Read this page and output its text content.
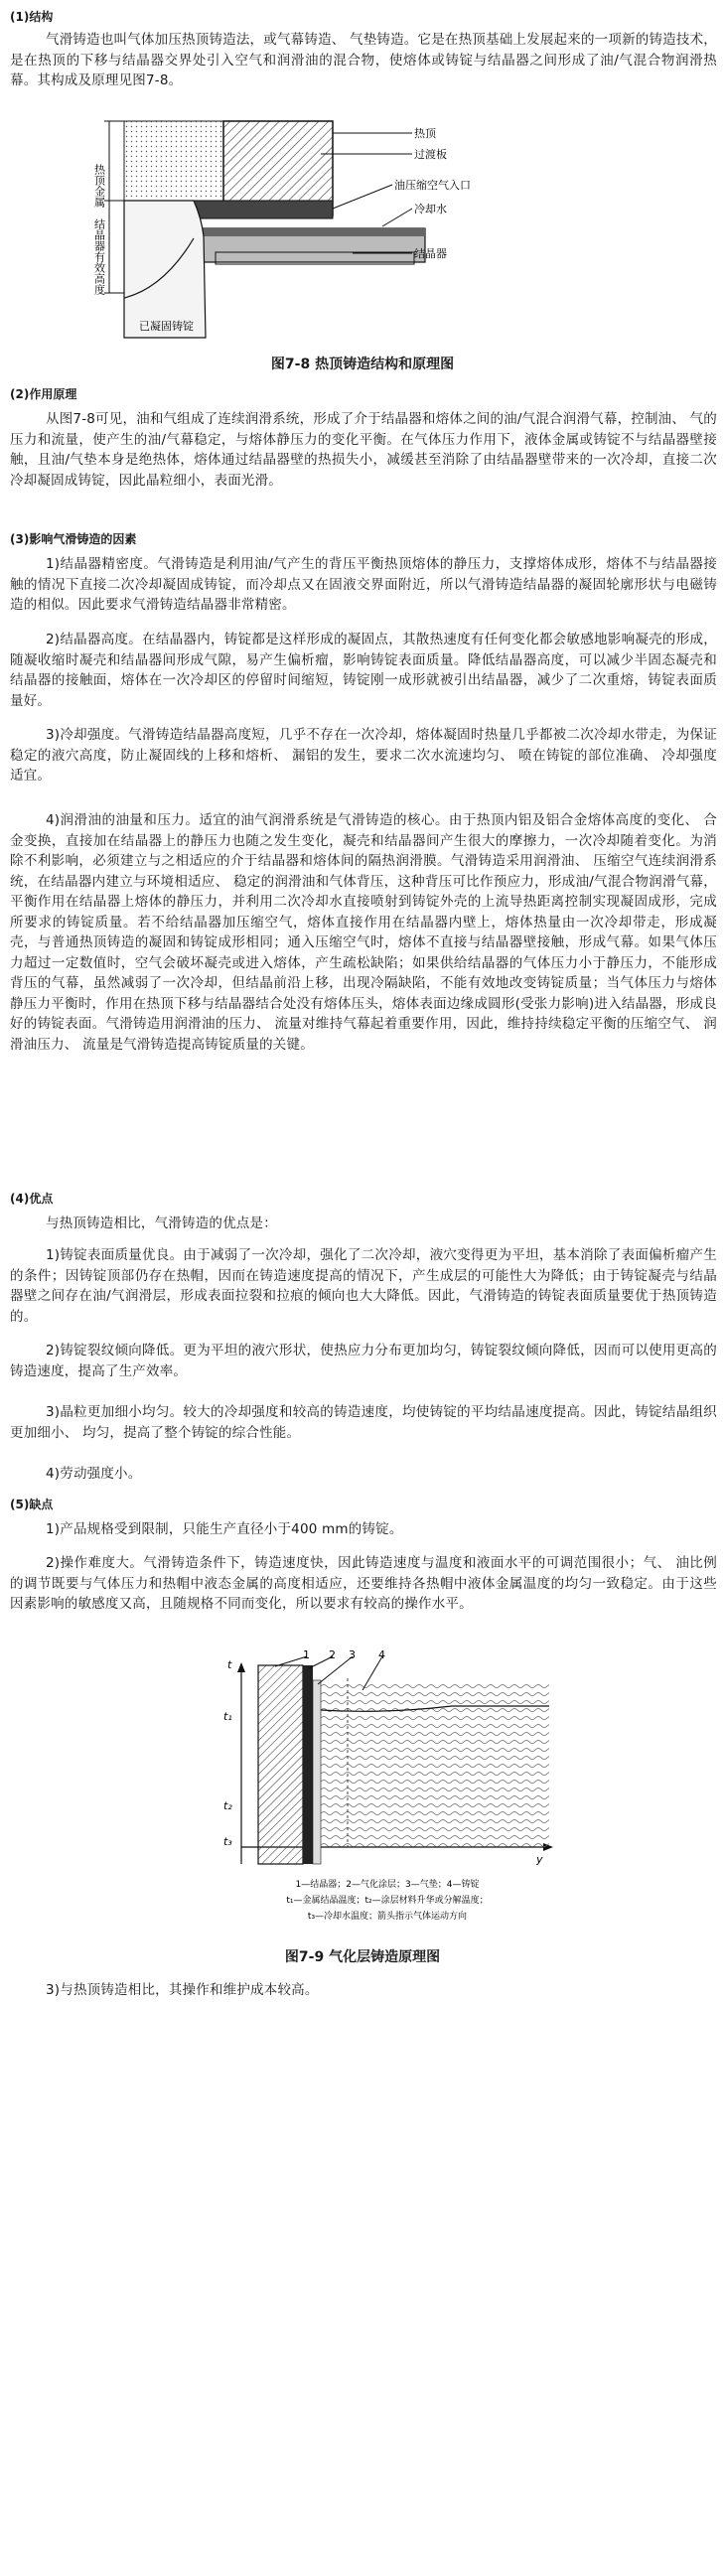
(1)结构

气滑铸造也叫气体加压热顶铸造法，或气幕铸造、 气垫铸造。它是在热顶基础上发展起来的一项新的铸造技术，是在热顶的下移与结晶器交界处引入空气和润滑油的混合物，使熔体或铸锭与结晶器之间形成了油/气混合物润滑热幕。其构成及原理见图7-8。

热顶金属
结晶器有效高度
热顶
过渡板
油压缩空气入口
冷却水
结晶器
已凝固铸锭

图7-8 热顶铸造结构和原理图

(2)作用原理

从图7-8可见，油和气组成了连续润滑系统，形成了介于结晶器和熔体之间的油/气混合润滑气幕，控制油、 气的压力和流量，使产生的油/气幕稳定，与熔体静压力的变化平衡。在气体压力作用下，液体金属或铸锭不与结晶器壁接触，且油/气垫本身是绝热体，熔体通过结晶器壁的热损失小，减缓甚至消除了由结晶器壁带来的一次冷却，直接二次冷却凝固成铸锭，因此晶粒细小，表面光滑。

(3)影响气滑铸造的因素

1)结晶器精密度。气滑铸造是利用油/气产生的背压平衡热顶熔体的静压力，支撑熔体成形，熔体不与结晶器接触的情况下直接二次冷却凝固成铸锭，而冷却点又在固液交界面附近，所以气滑铸造结晶器的凝固轮廓形状与电磁铸造的相似。因此要求气滑铸造结晶器非常精密。

2)结晶器高度。在结晶器内，铸锭都是这样形成的凝固点，其散热速度有任何变化都会敏感地影响凝壳的形成，随凝收缩时凝壳和结晶器间形成气隙，易产生偏析瘤，影响铸锭表面质量。降低结晶器高度，可以减少半固态凝壳和结晶器的接触面，熔体在一次冷却区的停留时间缩短，铸锭刚一成形就被引出结晶器，减少了二次重熔，铸锭表面质量好。

3)冷却强度。气滑铸造结晶器高度短，几乎不存在一次冷却，熔体凝固时热量几乎都被二次冷却水带走，为保证稳定的液穴高度，防止凝固线的上移和熔析、 漏铝的发生，要求二次水流速均匀、 喷在铸锭的部位准确、 冷却强度适宜。

4)润滑油的油量和压力。适宜的油气润滑系统是气滑铸造的核心。由于热顶内铝及铝合金熔体高度的变化、 合金变换，直接加在结晶器上的静压力也随之发生变化，凝壳和结晶器间产生很大的摩擦力，一次冷却随着变化。为消除不利影响，必须建立与之相适应的介于结晶器和熔体间的隔热润滑膜。气滑铸造采用润滑油、 压缩空气连续润滑系统，在结晶器内建立与环境相适应、 稳定的润滑油和气体背压，这种背压可比作预应力，形成油/气混合物润滑气幕，平衡作用在结晶器上熔体的静压力，并利用二次冷却水直接喷射到铸锭外壳的上流导热距离控制实现凝固成形，完成所要求的铸锭质量。若不给结晶器加压缩空气，熔体直接作用在结晶器内壁上，熔体热量由一次冷却带走，形成凝壳，与普通热顶铸造的凝固和铸锭成形相同；通入压缩空气时，熔体不直接与结晶器壁接触，形成气幕。如果气体压力超过一定数值时，空气会破坏凝壳或进入熔体，产生疏松缺陷；如果供给结晶器的气体压力小于静压力，不能形成背压的气幕，虽然减弱了一次冷却，但结晶前沿上移，出现冷隔缺陷，不能有效地改变铸锭质量；当气体压力与熔体静压力平衡时，作用在热顶下移与结晶器结合处没有熔体压头，熔体表面边缘成圆形(受张力影响)进入结晶器，形成良好的铸锭表面。气滑铸造用润滑油的压力、 流量对维持气幕起着重要作用，因此，维持持续稳定平衡的压缩空气、 润滑油压力、 流量是气滑铸造提高铸锭质量的关键。

(4)优点

与热顶铸造相比，气滑铸造的优点是：

1)铸锭表面质量优良。由于减弱了一次冷却，强化了二次冷却，液穴变得更为平坦，基本消除了表面偏析瘤产生的条件；因铸锭顶部仍存在热帽，因而在铸造速度提高的情况下，产生成层的可能性大为降低；由于铸锭凝壳与结晶器壁之间存在油/气润滑层，形成表面拉裂和拉痕的倾向也大大降低。因此，气滑铸造的铸锭表面质量要优于热顶铸造的。

2)铸锭裂纹倾向降低。更为平坦的液穴形状，使热应力分布更加均匀，铸锭裂纹倾向降低，因而可以使用更高的铸造速度，提高了生产效率。

3)晶粒更加细小均匀。较大的冷却强度和较高的铸造速度，均使铸锭的平均结晶速度提高。因此，铸锭结晶组织更加细小、 均匀，提高了整个铸锭的综合性能。

4)劳动强度小。

(5)缺点

1)产品规格受到限制，只能生产直径小于400 mm的铸锭。

2)操作难度大。气滑铸造条件下，铸造速度快，因此铸造速度与温度和液面水平的可调范围很小；气、 油比例的调节既要与气体压力和热帽中液态金属的高度相适应，还要维持各热帽中液体金属温度的均匀一致稳定。由于这些因素影响的敏感度又高，且随规格不同而变化，所以要求有较高的操作水平。

t
y
t₁
t₂
t₃
1 2 3 4
1—结晶器；2—气化涂层；3—气垫；4—铸锭
t₁—金属结晶温度；t₂—涂层材料升华或分解温度；
t₃—冷却水温度；箭头指示气体运动方向

图7-9 气化层铸造原理图

3)与热顶铸造相比，其操作和维护成本较高。
